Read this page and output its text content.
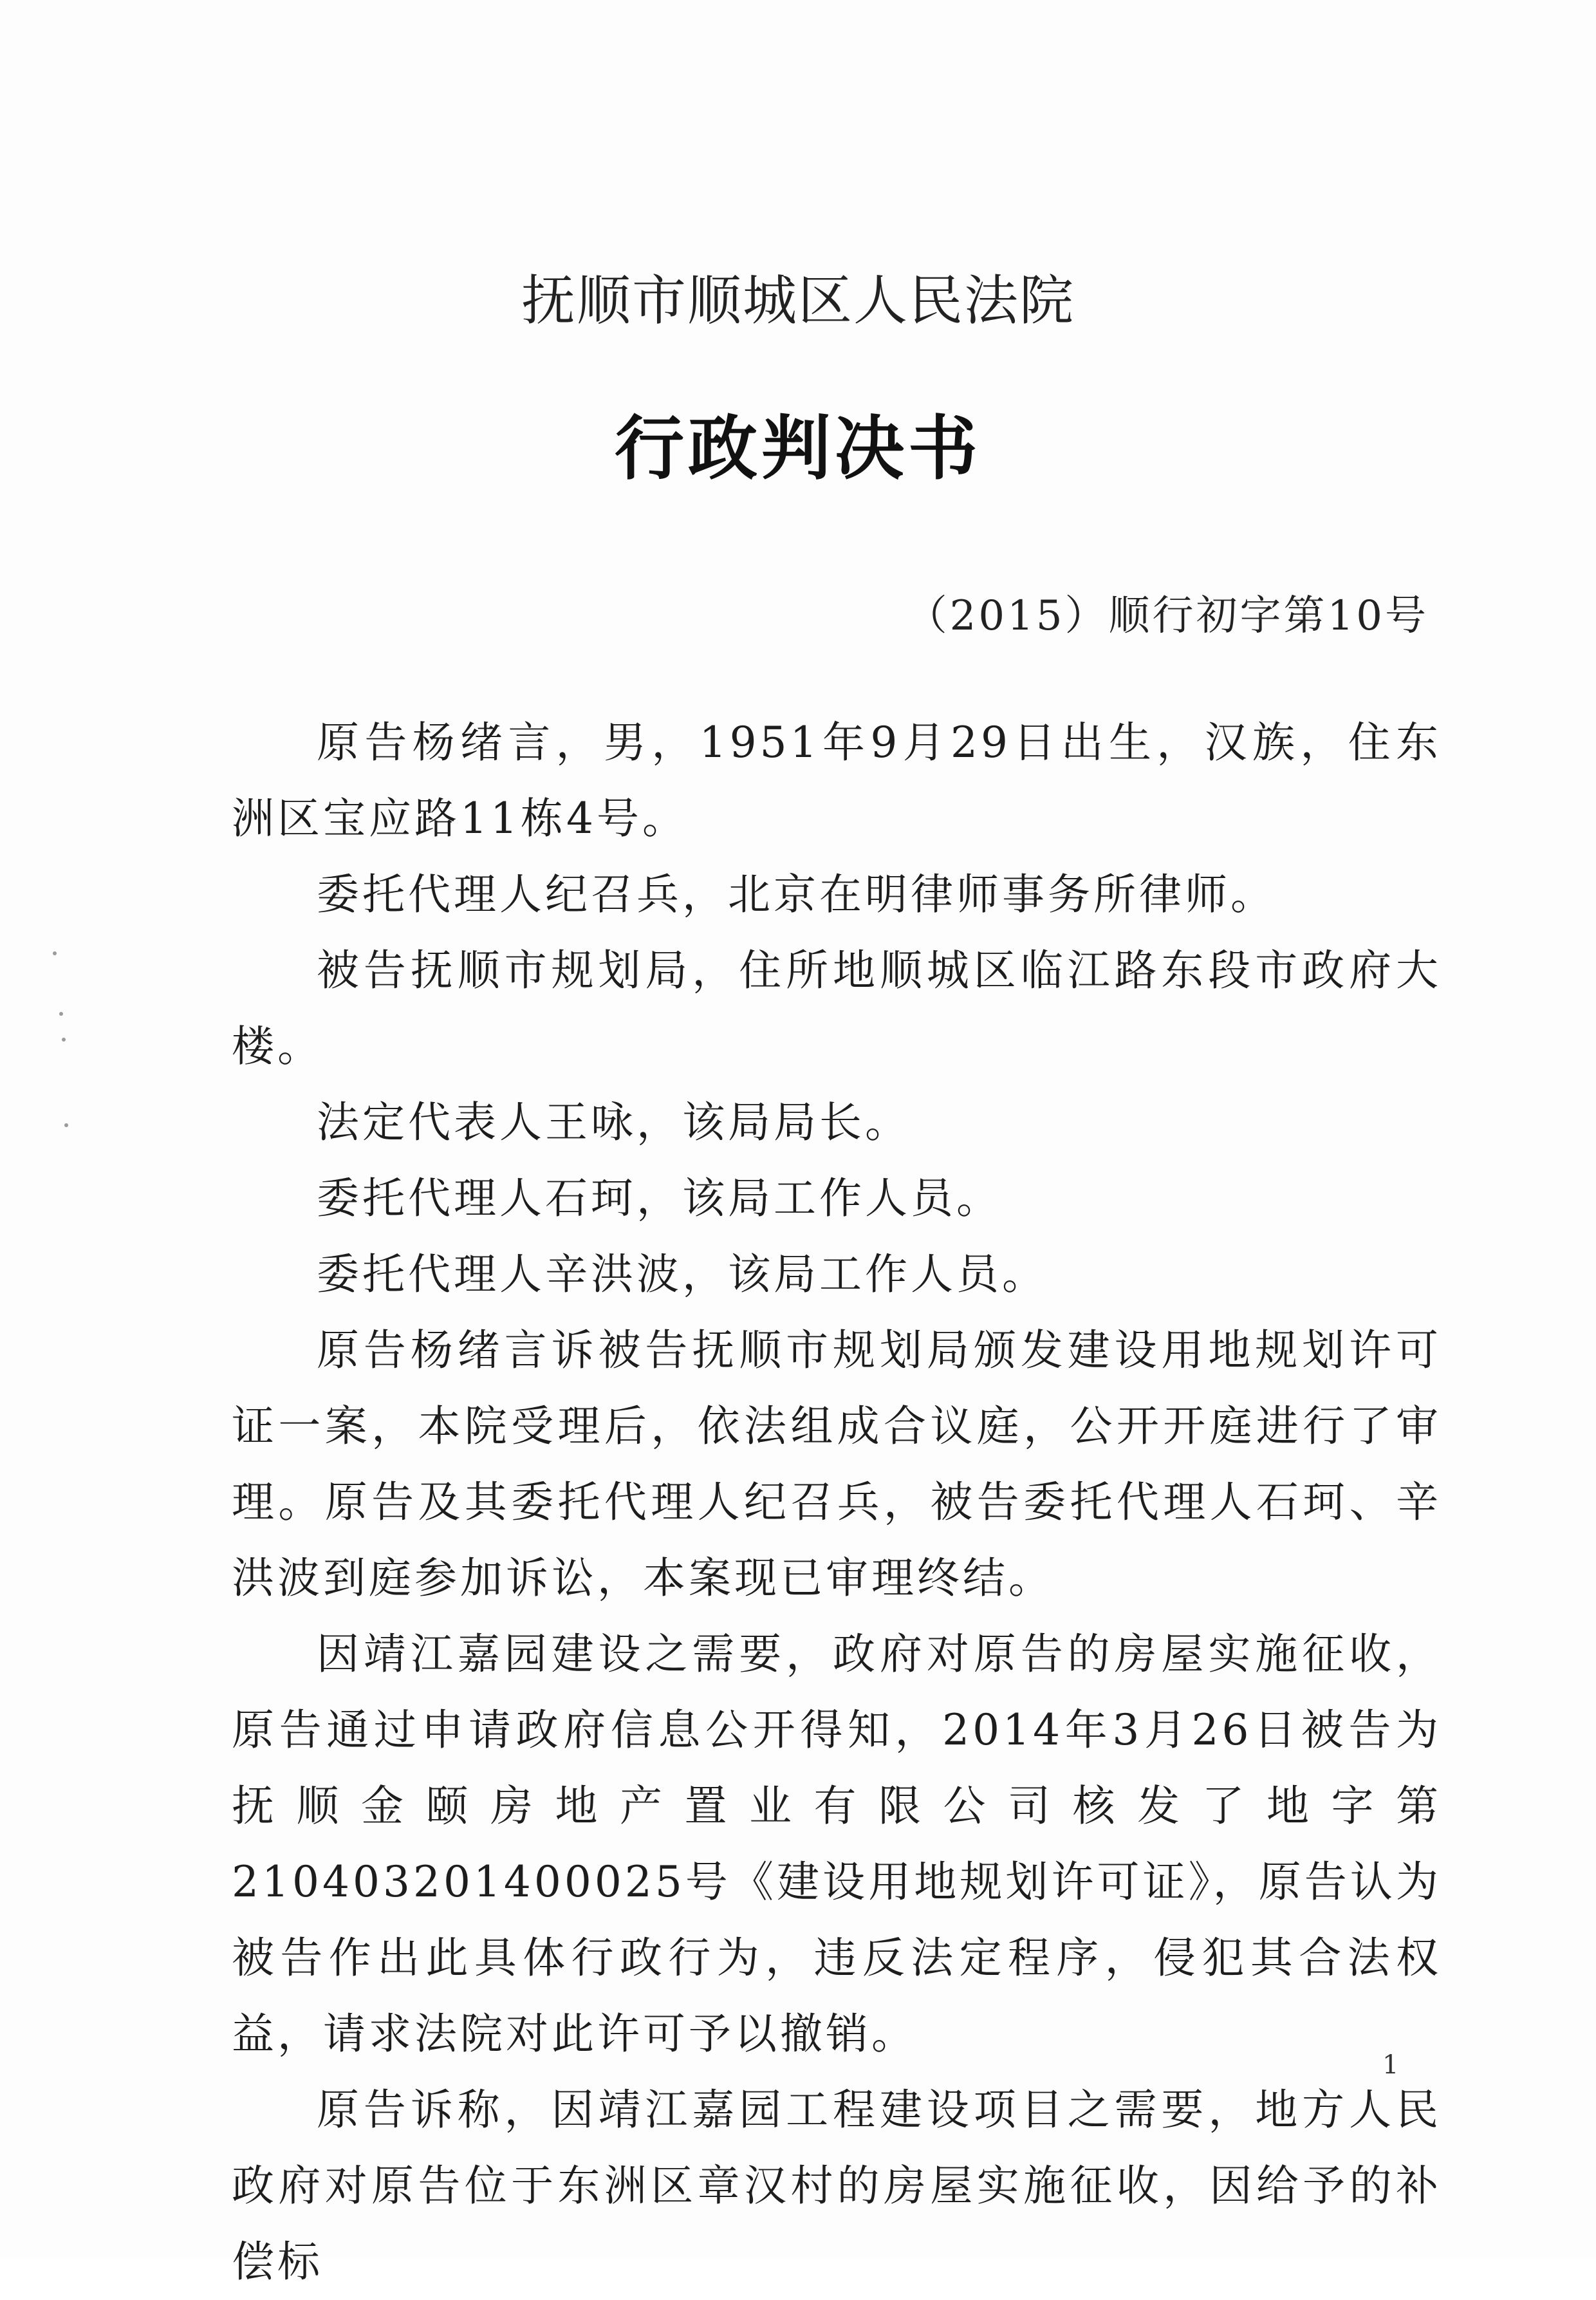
抚顺市顺城区人民法院
行政判决书
（2015）顺行初字第10号

原告杨绪言，男，1951年9月29日出生，汉族，住东洲区宝应路11栋4号。

委托代理人纪召兵，北京在明律师事务所律师。

被告抚顺市规划局，住所地顺城区临江路东段市政府大楼。

法定代表人王咏，该局局长。

委托代理人石珂，该局工作人员。

委托代理人辛洪波，该局工作人员。

原告杨绪言诉被告抚顺市规划局颁发建设用地规划许可证一案，本院受理后，依法组成合议庭，公开开庭进行了审理。原告及其委托代理人纪召兵，被告委托代理人石珂、辛洪波到庭参加诉讼，本案现已审理终结。

因靖江嘉园建设之需要，政府对原告的房屋实施征收，原告通过申请政府信息公开得知，2014年3月26日被告为抚顺金颐房地产置业有限公司核发了地字第210403201400025号《建设用地规划许可证》，原告认为被告作出此具体行政行为，违反法定程序，侵犯其合法权益，请求法院对此许可予以撤销。

原告诉称，因靖江嘉园工程建设项目之需要，地方人民政府对原告位于东洲区章汉村的房屋实施征收，因给予的补偿标

1
